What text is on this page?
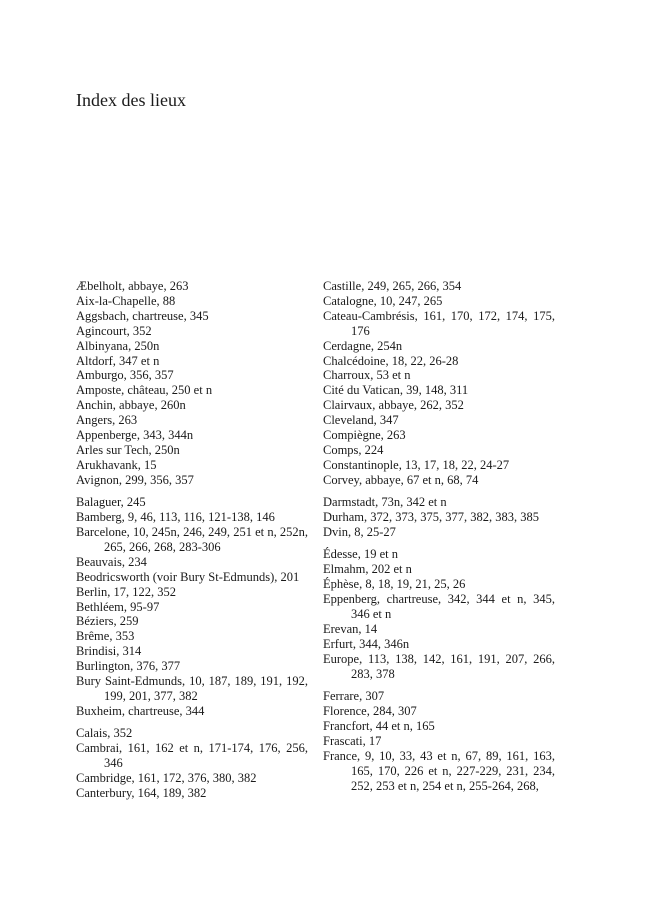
Index des lieux
Æbelholt, abbaye, 263
Aix-la-Chapelle, 88
Aggsbach, chartreuse, 345
Agincourt, 352
Albinyana, 250n
Altdorf, 347 et n
Amburgo, 356, 357
Amposte, château, 250 et n
Anchin, abbaye, 260n
Angers, 263
Appenberge, 343, 344n
Arles sur Tech, 250n
Arukhavank, 15
Avignon, 299, 356, 357
Balaguer, 245
Bamberg, 9, 46, 113, 116, 121-138, 146
Barcelone, 10, 245n, 246, 249, 251 et n, 252n, 265, 266, 268, 283-306
Beauvais, 234
Beodricsworth (voir Bury St-Edmunds), 201
Berlin, 17, 122, 352
Bethléem, 95-97
Béziers, 259
Brême, 353
Brindisi, 314
Burlington, 376, 377
Bury Saint-Edmunds, 10, 187, 189, 191, 192, 199, 201, 377, 382
Buxheim, chartreuse, 344
Calais, 352
Cambrai, 161, 162 et n, 171-174, 176, 256, 346
Cambridge, 161, 172, 376, 380, 382
Canterbury, 164, 189, 382
Castille, 249, 265, 266, 354
Catalogne, 10, 247, 265
Cateau-Cambrésis, 161, 170, 172, 174, 175, 176
Cerdagne, 254n
Chalcédoine, 18, 22, 26-28
Charroux, 53 et n
Cité du Vatican, 39, 148, 311
Clairvaux, abbaye, 262, 352
Cleveland, 347
Compiègne, 263
Comps, 224
Constantinople, 13, 17, 18, 22, 24-27
Corvey, abbaye, 67 et n, 68, 74
Darmstadt, 73n, 342 et n
Durham, 372, 373, 375, 377, 382, 383, 385
Dvin, 8, 25-27
Édesse, 19 et n
Elmahm, 202 et n
Éphèse, 8, 18, 19, 21, 25, 26
Eppenberg, chartreuse, 342, 344 et n, 345, 346 et n
Erevan, 14
Erfurt, 344, 346n
Europe, 113, 138, 142, 161, 191, 207, 266, 283, 378
Ferrare, 307
Florence, 284, 307
Francfort, 44 et n, 165
Frascati, 17
France, 9, 10, 33, 43 et n, 67, 89, 161, 163, 165, 170, 226 et n, 227-229, 231, 234, 252, 253 et n, 254 et n, 255-264, 268,
